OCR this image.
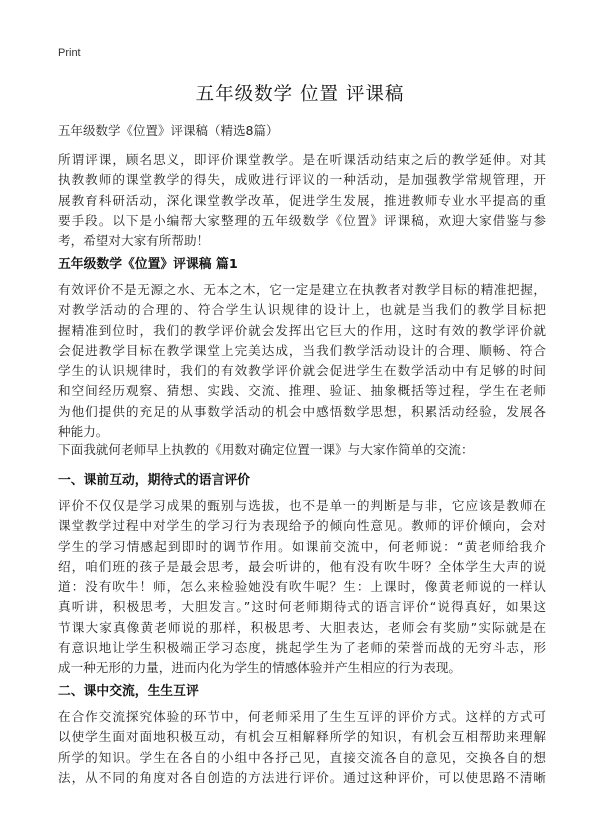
Print
五年级数学 位置 评课稿
五年级数学《位置》评课稿（精选8篇）
所谓评课，顾名思义，即评价课堂教学。是在听课活动结束之后的教学延伸。对其
执教教师的课堂教学的得失，成败进行评议的一种活动，是加强教学常规管理，开
展教育科研活动，深化课堂教学改革，促进学生发展，推进教师专业水平提高的重
要手段。以下是小编帮大家整理的五年级数学《位置》评课稿，欢迎大家借鉴与参
考，希望对大家有所帮助！
五年级数学《位置》评课稿 篇1
有效评价不是无源之水、无本之木，它一定是建立在执教者对教学目标的精准把握，
对教学活动的合理的、符合学生认识规律的设计上，也就是当我们的教学目标把
握精准到位时，我们的教学评价就会发挥出它巨大的作用，这时有效的教学评价就
会促进教学目标在教学课堂上完美达成，当我们教学活动设计的合理、顺畅、符合
学生的认识规律时，我们的有效教学评价就会促进学生在数学活动中有足够的时间
和空间经历观察、猜想、实践、交流、推理、验证、抽象概括等过程，学生在老师
为他们提供的充足的从事数学活动的机会中感悟数学思想，积累活动经验，发展各
种能力。
下面我就何老师早上执教的《用数对确定位置一课》与大家作简单的交流：
一、课前互动，期待式的语言评价
评价不仅仅是学习成果的甄别与选拔，也不是单一的判断是与非，它应该是教师在
课堂教学过程中对学生的学习行为表现给予的倾向性意见。教师的评价倾向，会对
学生的学习情感起到即时的调节作用。如课前交流中，何老师说：“黄老师给我介
绍，咱们班的孩子是最会思考，最会听讲的，他有没有吹牛呀？全体学生大声的说
道：没有吹牛！师，怎么来检验她没有吹牛呢？生：上课时，像黄老师说的一样认
真听讲，积极思考，大胆发言。”这时何老师期待式的语言评价“说得真好，如果这
节课大家真像黄老师说的那样，积极思考、大胆表达，老师会有奖励”实际就是在
有意识地让学生积极端正学习态度，挑起学生为了老师的荣誉而战的无穷斗志，形
成一种无形的力量，进而内化为学生的情感体验并产生相应的行为表现。
二、课中交流，生生互评
在合作交流探究体验的环节中，何老师采用了生生互评的评价方式。这样的方式可
以使学生面对面地积极互动，有机会互相解释所学的知识，有机会互相帮助来理解
所学的知识。学生在各自的小组中各抒己见，直接交流各自的意见，交换各自的想
法，从不同的角度对各自创造的方法进行评价。通过这种评价，可以使思路不清晰
